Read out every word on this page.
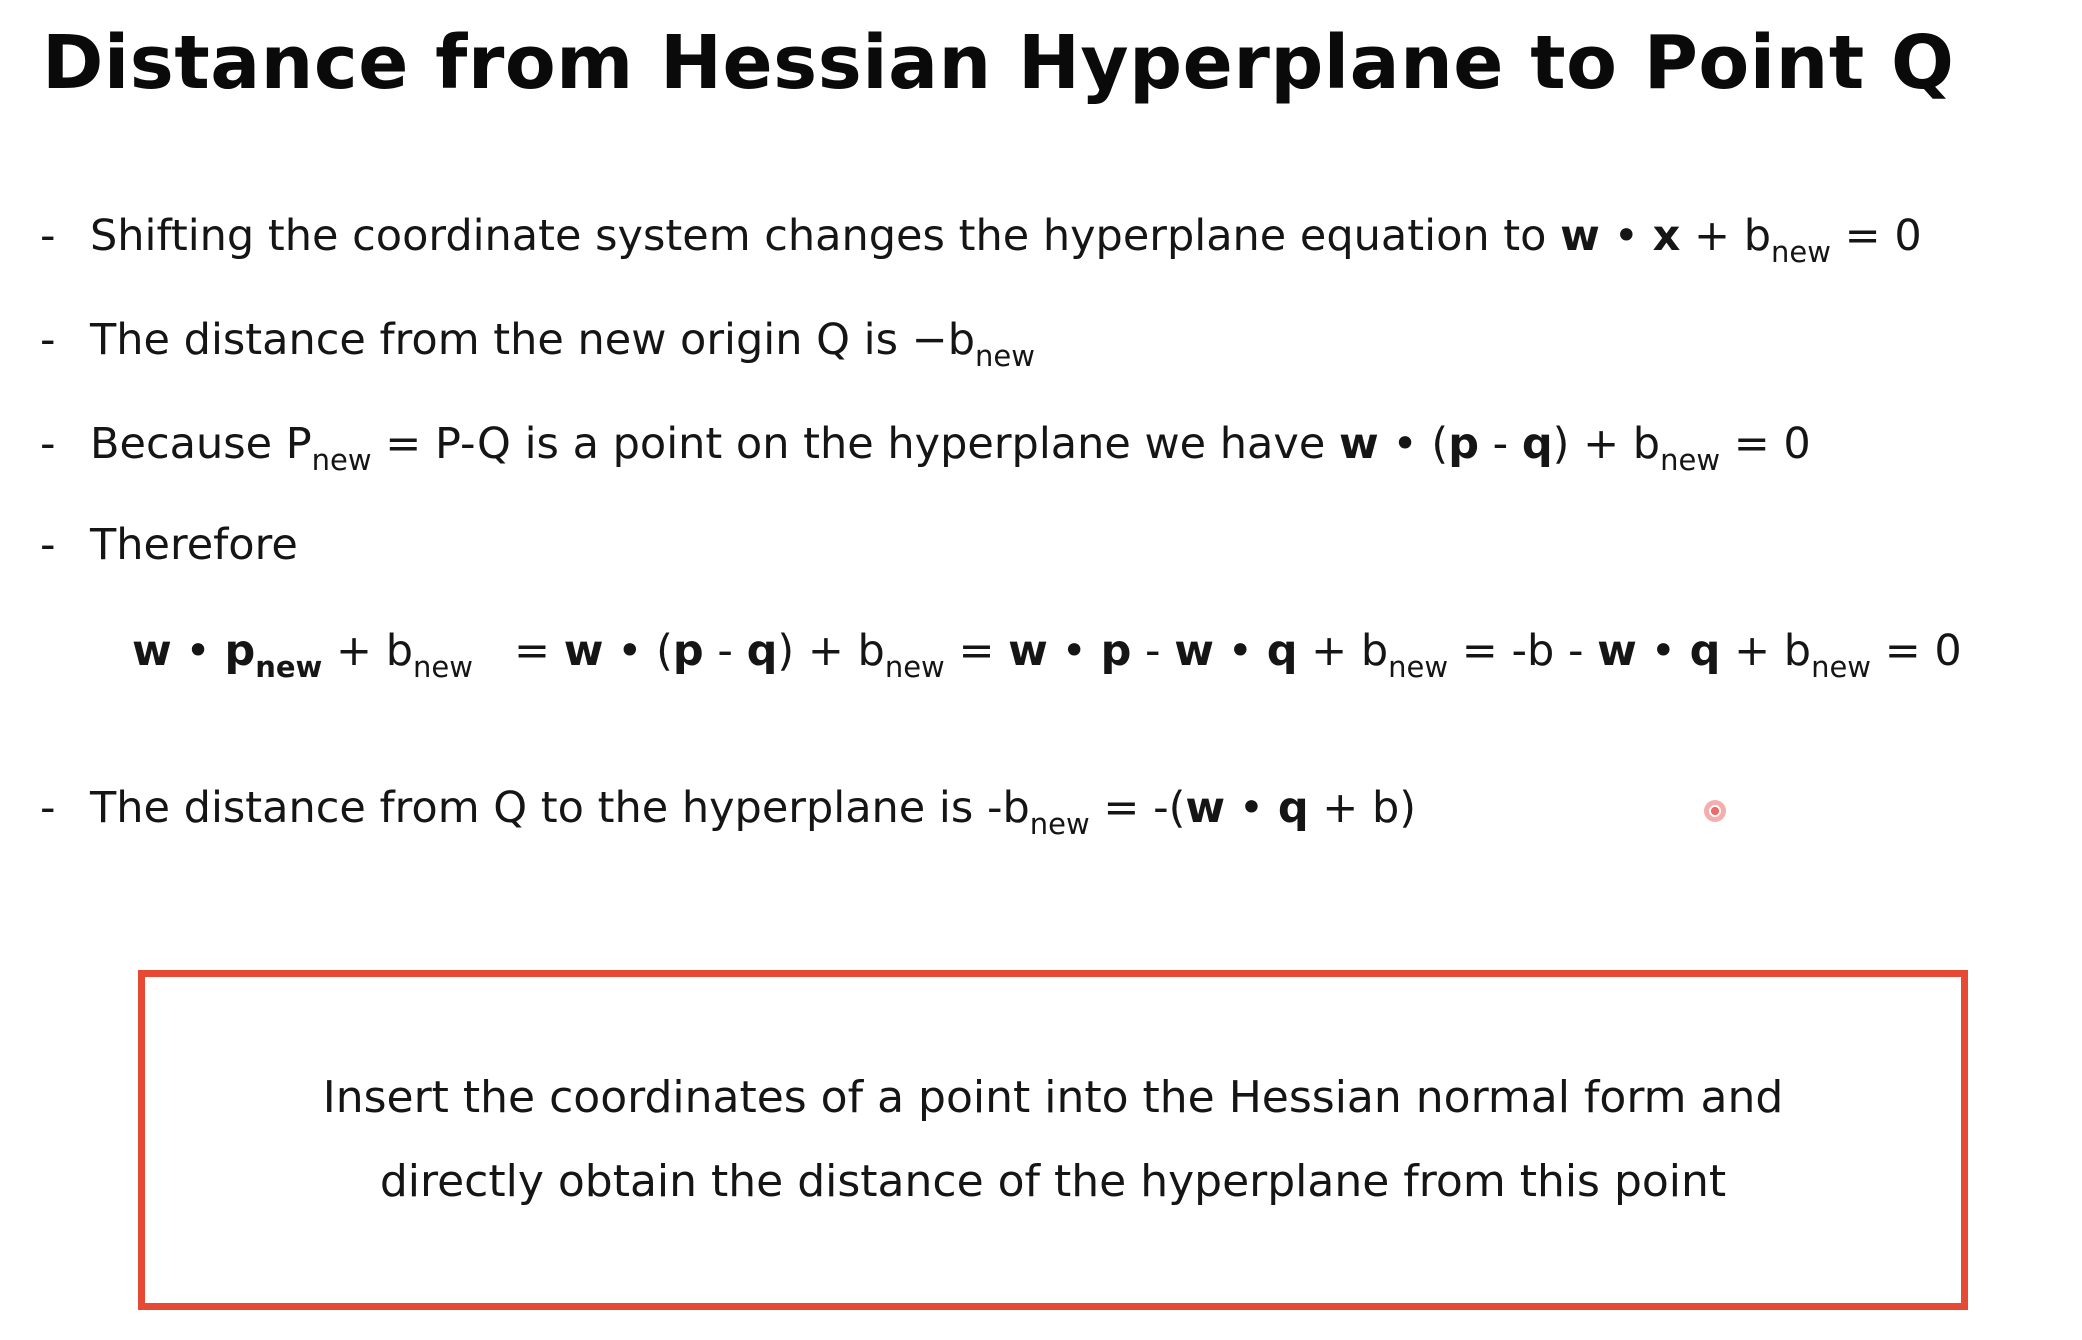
Distance from Hessian Hyperplane to Point Q
- Shifting the coordinate system changes the hyperplane equation to w • $x + b_{new} = 0$
- The distance from the new origin Q is $-b_{new}$
- Because $P_{new} = P-Q$ is a point on the hyperplane we have w • $(p - q) + b_{new} = 0$
- Therefore
w • $p_{new} + b_{new} = w$ • $(p - q) + b_{new} = w$ • p - w • $q + b_{new} = -b - w$ • $q + b_{new} = 0$
- The distance from Q to the hyperplane is $-b_{new} = -(w$ • q + b)

Insert the coordinates of a point into the Hessian normal form and

directly obtain the distance of the hyperplane from this point
